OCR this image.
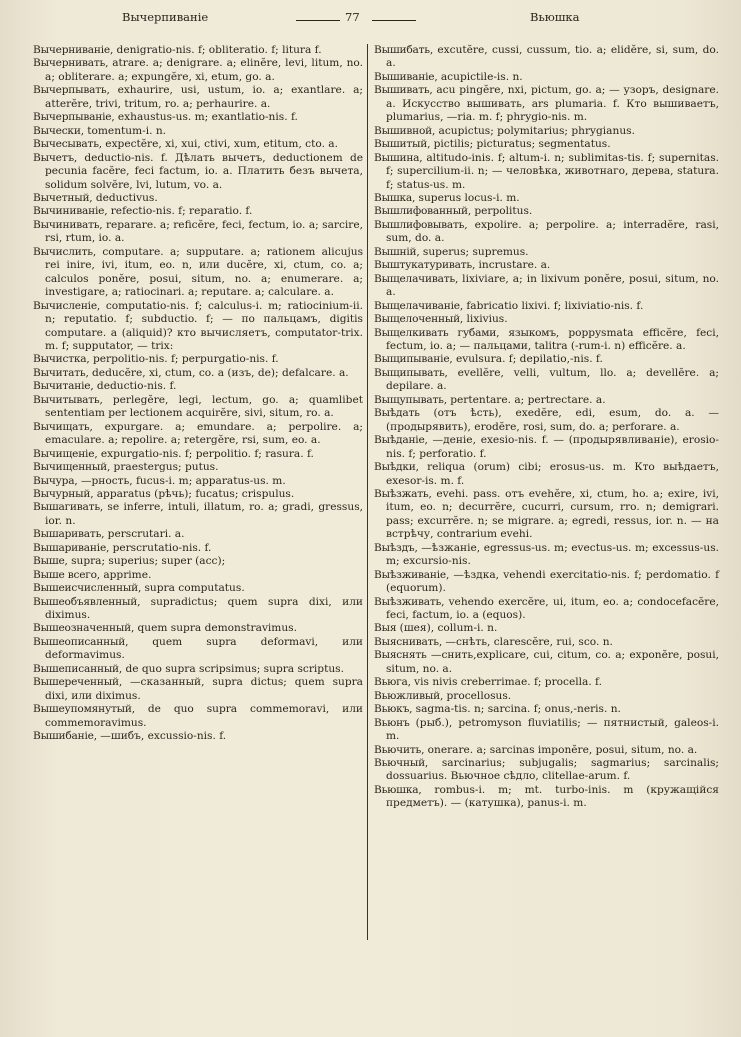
Вычерпиванiе	77	Вьюшка

Вычерниванiе, denigratio-nis. f; obliteratio. f; litura f.

Вычернивать, atrare. a; denigrare. a; elinĕre, levi, litum, no. a; obliterare. a; expungĕre, xi, etum, go. a.

Вычерпывать, exhaurire, usi, ustum, io. a; exantlare. a; atterĕre, trivi, tritum, ro. a; perhaurire. a.

Вычерпыванiе, exhaustus-us. m; exantlatio-nis. f.

Вычески, tomentum-i. n.

Вычесывать, expectĕre, xi, xui, ctivi, xum, etitum, cto. a.

Вычетъ, deductio-nis. f. Дѣлать вычетъ, deductionem de pecunia facĕre, feci factum, io. a. Платить безъ вычета, solidum solvĕre, lvi, lutum, vo. a.

Вычетный, deductivus.

Вычиниванiе, refectio-nis. f; reparatio. f.

Вычинивать, reparare. a; reficĕre, feci, fectum, io. a; sarcire, rsi, rtum, io. a.

Вычислить, computare. a; supputare. a; rationem alicujus rei inire, ivi, itum, eo. n, или ducĕre, xi, ctum, co. a; calculos ponĕre, posui, situm, no. a; enumerare. a; investigare, a; ratiocinari. a; reputare. a; calculare. a.

Вычисленiе, computatio-nis. f; calculus-i. m; ratiocinium-ii. n; reputatio. f; subductio. f; — по пальцамъ, digitis computare. a (aliquid)? кто вычисляетъ, computator-trix. m. f; supputator, — trix:

Вычистка, perpolitio-nis. f; perpurgatio-nis. f.

Вычитать, deducĕre, xi, ctum, co. a (изъ, de); defalcare. a.

Вычитанiе, deductio-nis. f.

Вычитывать, perlegĕre, legi, lectum, go. a; quamlibet sententiam per lectionem acquirĕre, sivi, situm, ro. a.

Вычищать, expurgare. a; emundare. a; perpolire. a; emaculare. a; repolire. a; retergĕre, rsi, sum, eo. a.

Вычищенiе, expurgatio-nis. f; perpolitio. f; rasura. f.

Вычищенный, praestergus; putus.

Вычура, —рность, fucus-i. m; apparatus-us. m.

Вычурный, apparatus (рѣчь); fucatus; crispulus.

Вышагивать, se inferre, intuli, illatum, ro. a; gradi, gressus, ior. n.

Вышаривать, perscrutari. a.

Вышариванiе, perscrutatio-nis. f.

Выше, supra; superius; super (acc);

Выше всего, apprime.

Вышеисчисленный, supra computatus.

Вышеобъявленный, supradictus; quem supra dixi, или diximus.

Вышеозначенный, quem supra demonstravimus.

Вышеописанный, quem supra deformavi, или deformavimus.

Вышеписанный, de quo supra scripsimus; supra scriptus.

Вышереченный, —сказанный, supra dictus; quem supra dixi, или diximus.

Вышеупомянутый, de quo supra commemoravi, или commemoravimus.

Вышибанiе, —шибъ, excussio-nis. f.

Вышибать, excutĕre, cussi, cussum, tio. a; elidĕre, si, sum, do. a.

Вышиванiе, acupictile-is. n.

Вышивать, acu pingĕre, nxi, pictum, go. a; — узоръ, designare. a. Искусство вышивать, ars plumaria. f. Кто вышиваетъ, plumarius, —ria. m. f; phrygio-nis. m.

Вышивной, acupictus; polymitarius; phrygianus.

Вышитый, pictilis; picturatus; segmentatus.

Вышина, altitudo-inis. f; altum-i. n; sublimitas-tis. f; supernitas. f; supercilium-ii. n; — человѣка, животнаго, дерева, statura. f; status-us. m.

Вышка, superus locus-i. m.

Вышлифованный, perpolitus.

Вышлифовывать, expolire. a; perpolire. a; interradĕre, rasi, sum, do. a.

Вышній, superus; supremus.

Выштукатуривать, incrustare. a.

Выщелачивать, lixiviare, a; in lixivum ponĕre, posui, situm, no. a.

Выщелачиванiе, fabricatio lixivi. f; lixiviatio-nis. f.

Выщелоченный, lixivius.

Выщелкивать губами, языкомъ, poppysmata efficĕre, feci, fectum, io. a; — пальцами, talitra (-rum-i. n) efficĕre. a.

Выщипыванiе, evulsura. f; depilatio,-nis. f.

Выщипывать, evellĕre, velli, vultum, llo. a; devellĕre. a; depilare. a.

Выщупывать, pertentare. a; pertrectare. a.

Выѣдать (отъ ѣсть), exedĕre, edi, esum, do. a. — (продырявить), erodĕre, rosi, sum, do. a; perforare. a.

Выѣданiе, —денiе, exesio-nis. f. — (продырявливанiе), erosio-nis. f; perforatio. f.

Выѣдки, reliqua (orum) cibi; erosus-us. m. Кто выѣдаетъ, exesor-is. m. f.

Выѣзжать, evehi. pass. отъ evehĕre, xi, ctum, ho. a; exire, ivi, itum, eo. n; decurrĕre, cucurri, cursum, rro. n; demigrari. pass; excurrĕre. n; se migrare. a; egredi, ressus, ior. n. — на встрѣчу, contrarium evehi.

Выѣздъ, —ѣзжанiе, egressus-us. m; evectus-us. m; excessus-us. m; excursio-nis.

Выѣзживанiе, —ѣздка, vehendi exercitatio-nis. f; perdomatio. f (equorum).

Выѣзживать, vehendo exercĕre, ui, itum, eo. a; condocefacĕre, feci, factum, io. a (equos).

Выя (шея), collum-i. n.

Выяснивать, —снѣть, clarescĕre, rui, sco. n.

Выяснять —снить,explicare, cui, citum, co. a; exponĕre, posui, situm, no. a.

Вьюга, vis nivis creberrimae. f; procella. f.

Вьюжливый, procellosus.

Вьюкъ, sagma-tis. n; sarcina. f; onus,-neris. n.

Вьюнъ (рыб.), petromyson fluviatilis; — пятнистый, galeos-i. m.

Вьючить, onerare. a; sarcinas imponĕre, posui, situm, no. a.

Вьючный, sarcinarius; subjugalis; sagmarius; sarcinalis; dossuarius. Вьючное сѣдло, clitellae-arum. f.

Вьюшка, rombus-i. m; mt. turbo-inis. m (кружащійся предметъ). — (катушка), panus-i. m.
